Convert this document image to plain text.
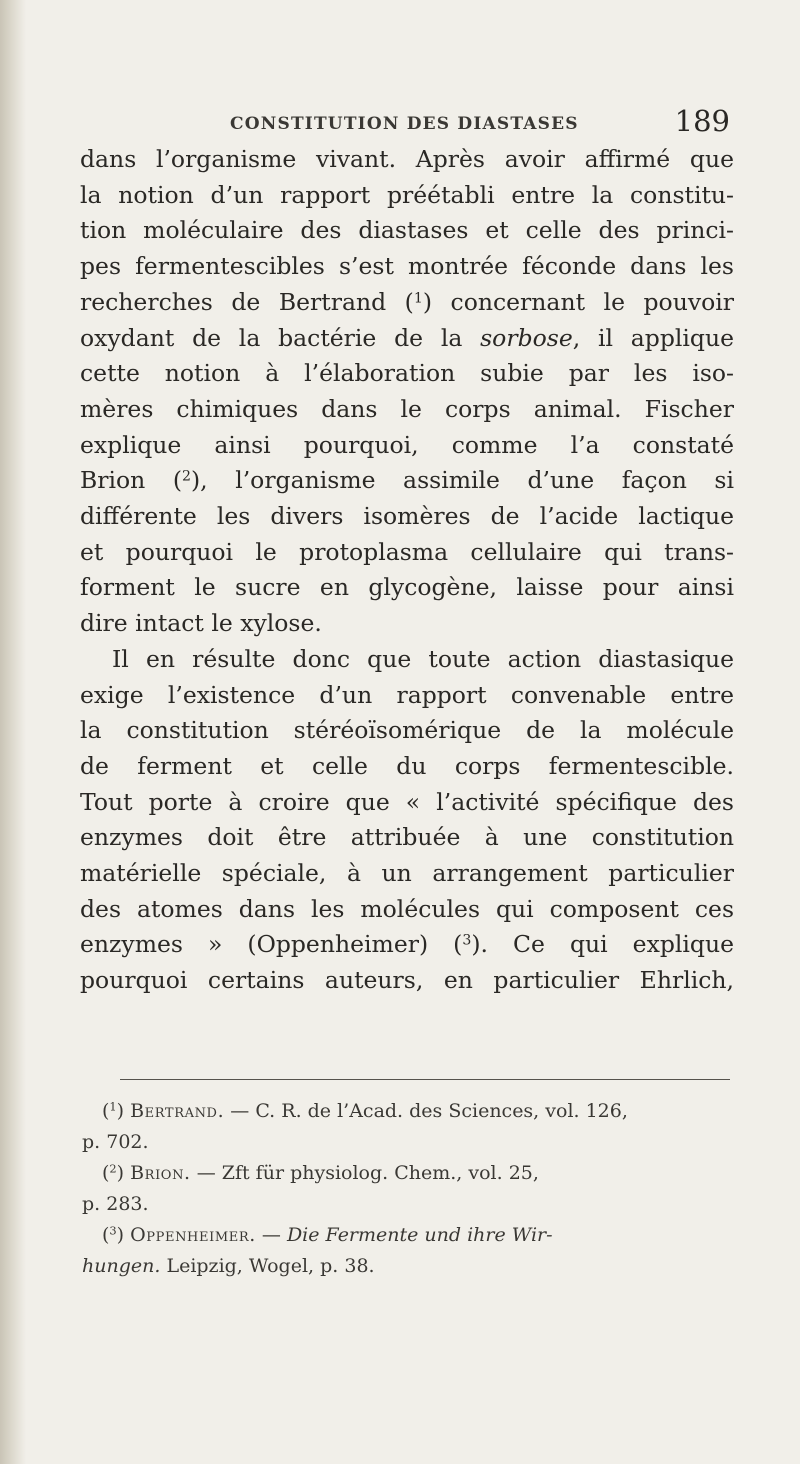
CONSTITUTION DES DIASTASES	189
dans l’organisme vivant. Après avoir affirmé que
la notion d’un rapport préétabli entre la constitu-
tion moléculaire des diastases et celle des princi-
pes fermentescibles s’est montrée féconde dans les
recherches de Bertrand ($^1$) concernant le pouvoir
oxydant de la bactérie de la sorbose, il applique
cette notion à l’élaboration subie par les iso-
mères chimiques dans le corps animal. Fischer
explique ainsi pourquoi, comme l’a constaté
Brion ($^2$), l’organisme assimile d’une façon si
différente les divers isomères de l’acide lactique
et pourquoi le protoplasma cellulaire qui trans-
forment le sucre en glycogène, laisse pour ainsi
dire intact le xylose.
Il en résulte donc que toute action diastasique
exige l’existence d’un rapport convenable entre
la constitution stéréoïsomérique de la molécule
de ferment et celle du corps fermentescible.
Tout porte à croire que « l’activité spécifique des
enzymes doit être attribuée à une constitution
matérielle spéciale, à un arrangement particulier
des atomes dans les molécules qui composent ces
enzymes » (Oppenheimer) ($^3$). Ce qui explique
pourquoi certains auteurs, en particulier Ehrlich,
($^1$) Bertrand. — C. R. de l’Acad. des Sciences, vol. 126,
p. 702.
($^2$) Brion. — Zft für physiolog. Chem., vol. 25,
p. 283.
($^3$) Oppenheimer. — Die Fermente und ihre Wir-
hungen. Leipzig, Wogel, p. 38.
